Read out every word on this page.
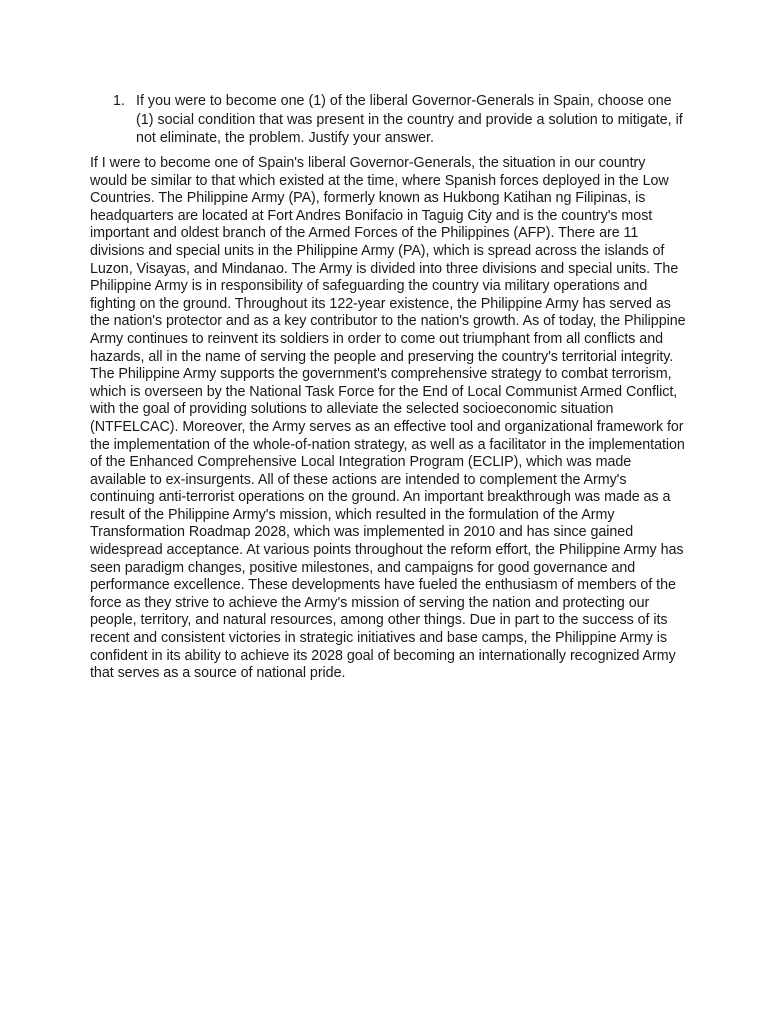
1. If you were to become one (1) of the liberal Governor-Generals in Spain, choose one (1) social condition that was present in the country and provide a solution to mitigate, if not eliminate, the problem. Justify your answer.

If I were to become one of Spain's liberal Governor-Generals, the situation in our country would be similar to that which existed at the time, where Spanish forces deployed in the Low Countries. The Philippine Army (PA), formerly known as Hukbong Katihan ng Filipinas, is headquarters are located at Fort Andres Bonifacio in Taguig City and is the country's most important and oldest branch of the Armed Forces of the Philippines (AFP). There are 11 divisions and special units in the Philippine Army (PA), which is spread across the islands of Luzon, Visayas, and Mindanao. The Army is divided into three divisions and special units. The Philippine Army is in responsibility of safeguarding the country via military operations and fighting on the ground. Throughout its 122-year existence, the Philippine Army has served as the nation's protector and as a key contributor to the nation's growth. As of today, the Philippine Army continues to reinvent its soldiers in order to come out triumphant from all conflicts and hazards, all in the name of serving the people and preserving the country's territorial integrity. The Philippine Army supports the government's comprehensive strategy to combat terrorism, which is overseen by the National Task Force for the End of Local Communist Armed Conflict, with the goal of providing solutions to alleviate the selected socioeconomic situation (NTFELCAC). Moreover, the Army serves as an effective tool and organizational framework for the implementation of the whole-of-nation strategy, as well as a facilitator in the implementation of the Enhanced Comprehensive Local Integration Program (ECLIP), which was made available to ex-insurgents. All of these actions are intended to complement the Army's continuing anti-terrorist operations on the ground. An important breakthrough was made as a result of the Philippine Army's mission, which resulted in the formulation of the Army Transformation Roadmap 2028, which was implemented in 2010 and has since gained widespread acceptance. At various points throughout the reform effort, the Philippine Army has seen paradigm changes, positive milestones, and campaigns for good governance and performance excellence. These developments have fueled the enthusiasm of members of the force as they strive to achieve the Army's mission of serving the nation and protecting our people, territory, and natural resources, among other things. Due in part to the success of its recent and consistent victories in strategic initiatives and base camps, the Philippine Army is confident in its ability to achieve its 2028 goal of becoming an internationally recognized Army that serves as a source of national pride.
